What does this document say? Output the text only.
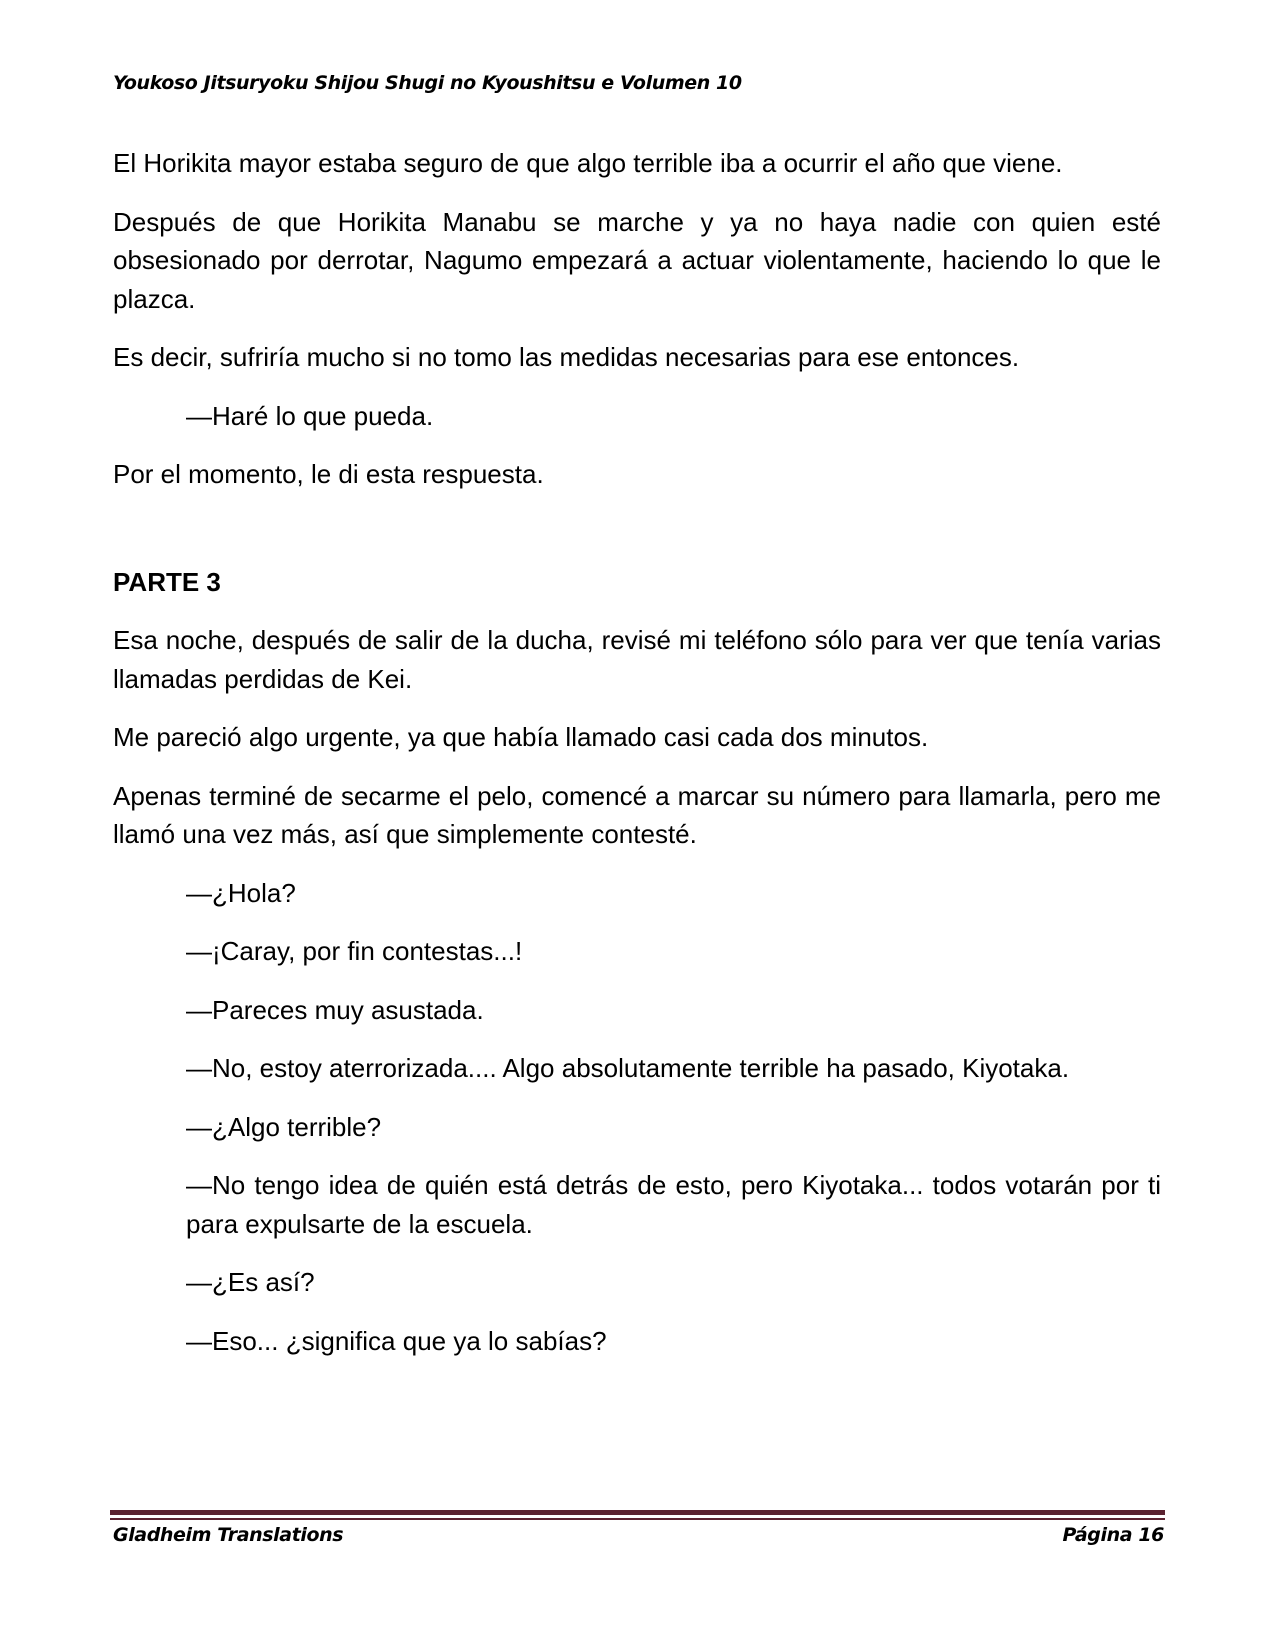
Youkoso Jitsuryoku Shijou Shugi no Kyoushitsu e Volumen 10

El Horikita mayor estaba seguro de que algo terrible iba a ocurrir el año que viene.

Después de que Horikita Manabu se marche y ya no haya nadie con quien esté obsesionado por derrotar, Nagumo empezará a actuar violentamente, haciendo lo que le plazca.

Es decir, sufriría mucho si no tomo las medidas necesarias para ese entonces.

—Haré lo que pueda.

Por el momento, le di esta respuesta.

PARTE 3

Esa noche, después de salir de la ducha, revisé mi teléfono sólo para ver que tenía varias llamadas perdidas de Kei.

Me pareció algo urgente, ya que había llamado casi cada dos minutos.

Apenas terminé de secarme el pelo, comencé a marcar su número para llamarla, pero me llamó una vez más, así que simplemente contesté.

—¿Hola?

—¡Caray, por fin contestas...!

—Pareces muy asustada.

—No, estoy aterrorizada.... Algo absolutamente terrible ha pasado, Kiyotaka.

—¿Algo terrible?

—No tengo idea de quién está detrás de esto, pero Kiyotaka... todos votarán por ti para expulsarte de la escuela.

—¿Es así?

—Eso... ¿significa que ya lo sabías?

Gladheim Translations	Página 16
